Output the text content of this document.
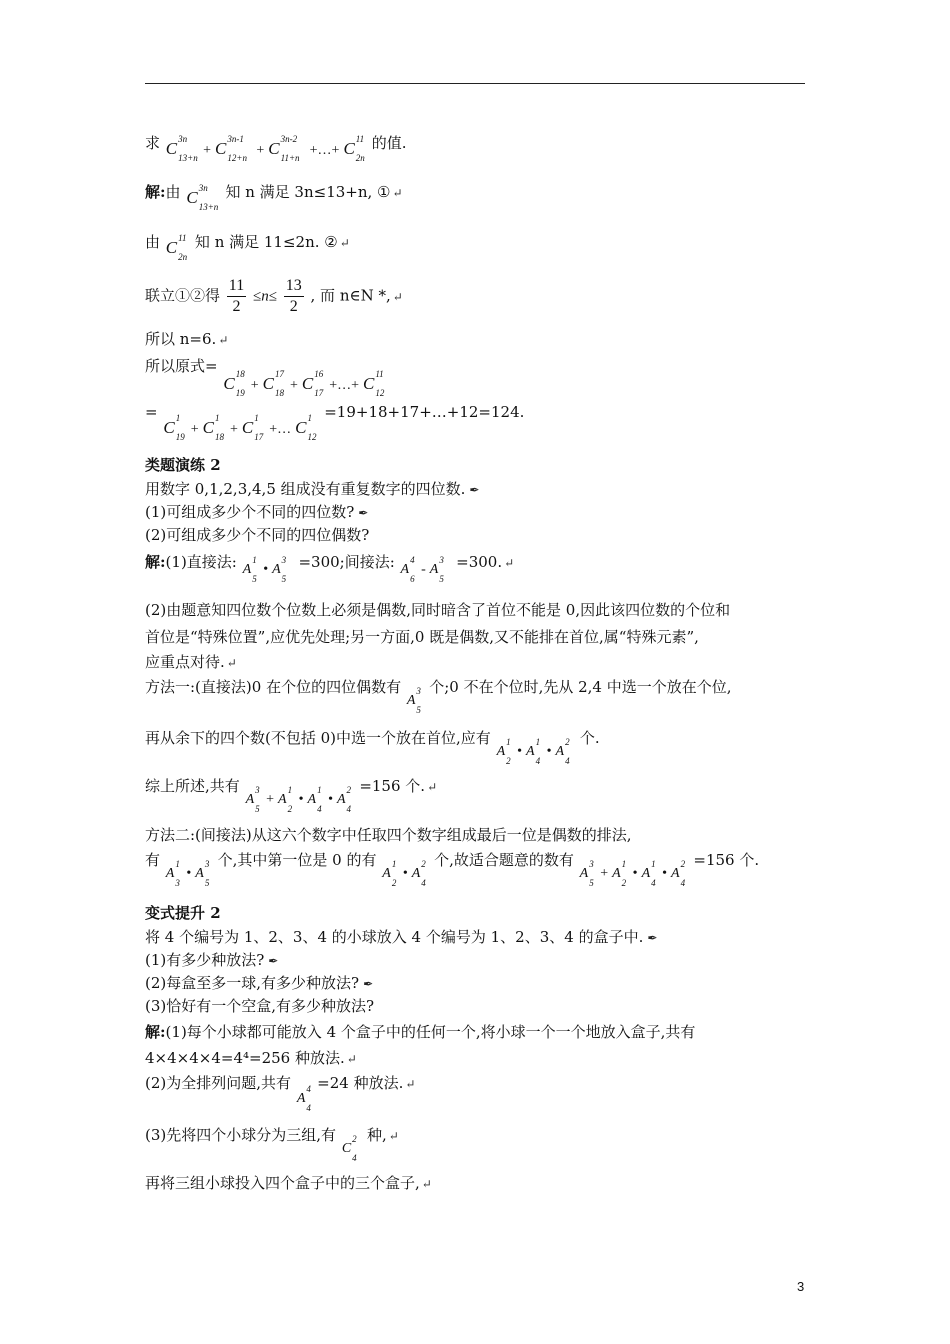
求 C 3n
13+n + C 3n-1
12+n + C 3n-2
11+n +…+ C 11
2n
的值.
解:由 C 3n
13+n
知 n 满足 3n≤13+n, ① ↵
由 C 11
2n
知 n 满足 11≤2n. ② ↵
联立①②得 $\frac{11}{2} \le n\le \frac{13}{2}$ , 而 n∈N *, ↵
所以 n=6. ↵
所以原式= C 18
19 + C 17
18 + C 16
17 +…+ C 11
12
= C 1
19 + C 1
18 + C 1
17 +… C 1
12
=19+18+17+…+12=124.
类题演练 2
用数字 0,1,2,3,4,5 组成没有重复数字的四位数. ✒
(1)可组成多少个不同的四位数? ✒
(2)可组成多少个不同的四位偶数?
解:(1)直接法: A
1
5
• A
3
5
=300;间接法: A
4
6
- A
3
5
=300. ↵
(2)由题意知四位数个位数上必须是偶数,同时暗含了首位不能是 0,因此该四位数的个位和
首位是“特殊位置”,应优先处理;另一方面,0 既是偶数,又不能排在首位,属“特殊元素”,
应重点对待. ↵
方法一:(直接法)0 在个位的四位偶数有 A
3
5
个;0 不在个位时,先从 2,4 中选一个放在个位,
再从余下的四个数(不包括 0)中选一个放在首位,应有 A
1
2
• A
1
4
• A
2
4
个.
综上所述,共有 A
3
5
+ A
1
2
• A
1
4
• A
2
4
=156 个. ↵
方法二:(间接法)从这六个数字中任取四个数字组成最后一位是偶数的排法,
有 A
1
3
• A
3
5
个,其中第一位是 0 的有 A
1
2
• A
2
4
个,故适合题意的数有 A
3
5
+ A
1
2
• A
1
4
• A
2
4
=156 个.
变式提升 2
将 4 个编号为 1、2、3、4 的小球放入 4 个编号为 1、2、3、4 的盒子中. ✒
(1)有多少种放法? ✒
(2)每盒至多一球,有多少种放法? ✒
(3)恰好有一个空盒,有多少种放法?
解:(1)每个小球都可能放入 4 个盒子中的任何一个,将小球一个一个地放入盒子,共有
4×4×4×4=4⁴=256 种放法. ↵
(2)为全排列问题,共有 A
4
4
=24 种放法. ↵
(3)先将四个小球分为三组,有 C
2
4
种, ↵
再将三组小球投入四个盒子中的三个盒子, ↵
3
